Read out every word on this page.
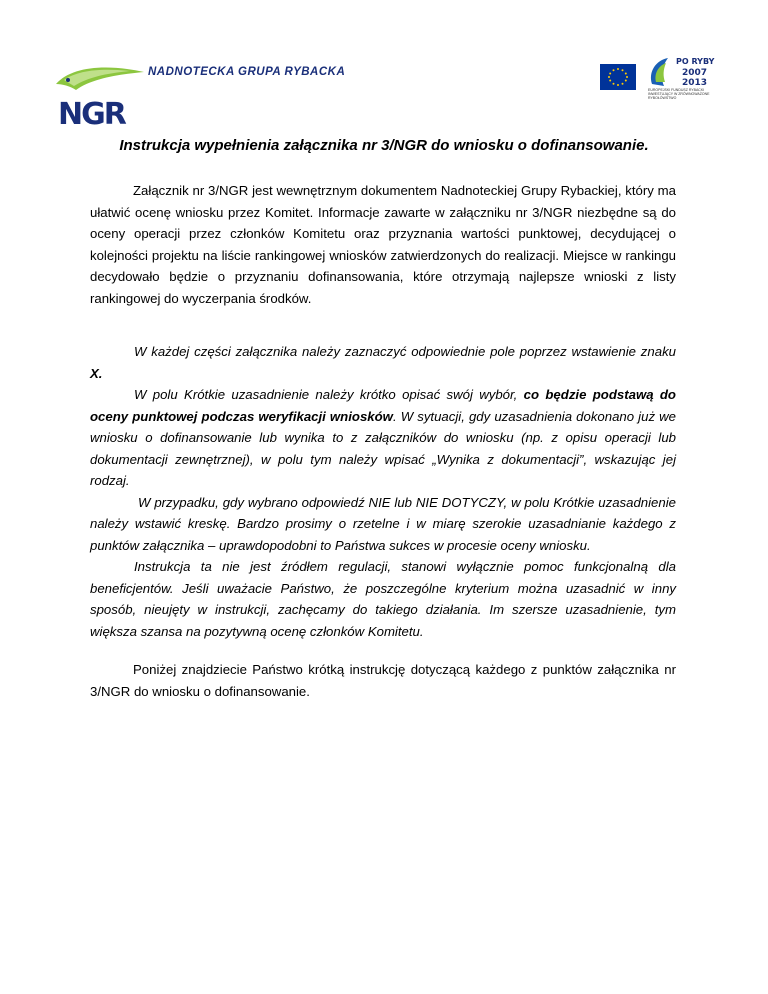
NGR
NADNOTECKA GRUPA RYBACKA
PO RYBY
2007
2013
EUROPEJSKI FUNDUSZ RYBACKI INWESTUJĄCY W ZRÓWNOWAŻONE RYBOŁÓWSTWO
Instrukcja wypełnienia załącznika nr 3/NGR do wniosku o dofinansowanie.

Załącznik nr 3/NGR jest wewnętrznym dokumentem Nadnoteckiej Grupy Rybackiej, który ma ułatwić ocenę wniosku przez Komitet. Informacje zawarte w załączniku nr 3/NGR niezbędne są do oceny operacji przez członków Komitetu oraz przyznania wartości punktowej, decydującej o kolejności projektu na liście rankingowej wniosków zatwierdzonych do realizacji. Miejsce w rankingu decydowało będzie o przyznaniu dofinansowania, które otrzymają najlepsze wnioski z listy rankingowej do wyczerpania środków.

W każdej części załącznika należy zaznaczyć odpowiednie pole poprzez wstawienie znaku X.

W polu Krótkie uzasadnienie należy krótko opisać swój wybór, co będzie podstawą do oceny punktowej podczas weryfikacji wniosków. W sytuacji, gdy uzasadnienia dokonano już we wniosku o dofinansowanie lub wynika to z załączników do wniosku (np. z opisu operacji lub dokumentacji zewnętrznej), w polu tym należy wpisać „Wynika z dokumentacji”, wskazując jej rodzaj.

W przypadku, gdy wybrano odpowiedź NIE lub NIE DOTYCZY, w polu Krótkie uzasadnienie należy wstawić kreskę. Bardzo prosimy o rzetelne i w miarę szerokie uzasadnianie każdego z punktów załącznika – uprawdopodobni to Państwa sukces w procesie oceny wniosku.

Instrukcja ta nie jest źródłem regulacji, stanowi wyłącznie pomoc funkcjonalną dla beneficjentów. Jeśli uważacie Państwo, że poszczególne kryterium można uzasadnić w inny sposób, nieujęty w instrukcji, zachęcamy do takiego działania. Im szersze uzasadnienie, tym większa szansa na pozytywną ocenę członków Komitetu.

Poniżej znajdziecie Państwo krótką instrukcję dotyczącą każdego z punktów załącznika nr 3/NGR do wniosku o dofinansowanie.
